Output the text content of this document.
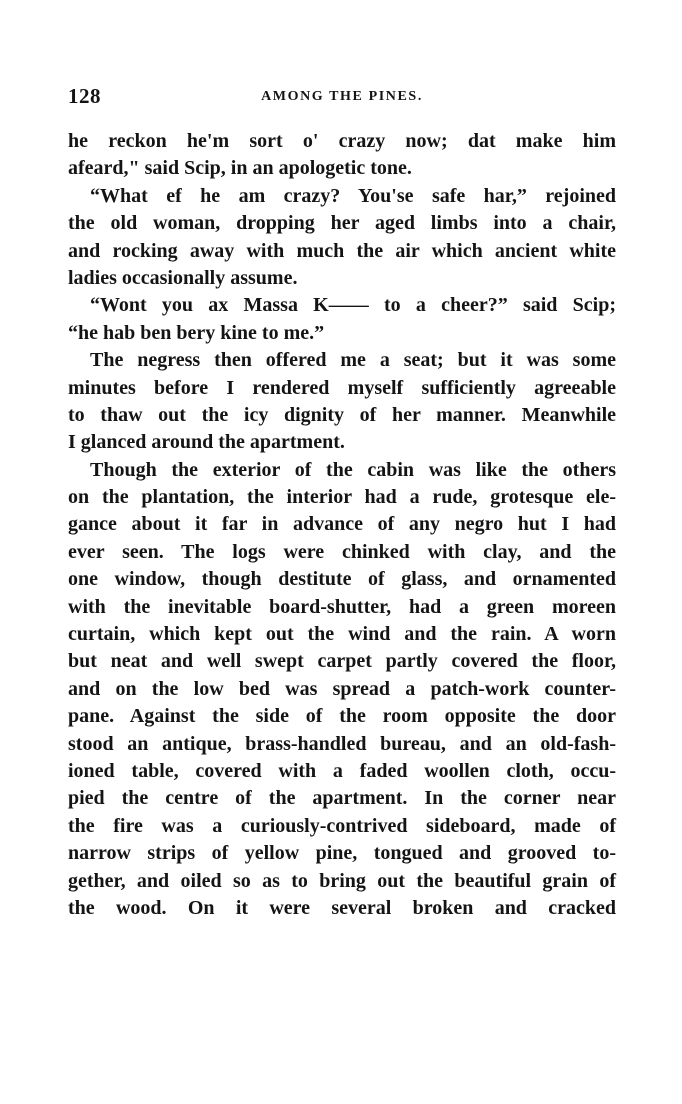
128	AMONG THE PINES.
he reckon he'm sort o' crazy now; dat make him
afeard," said Scip, in an apologetic tone.
“What ef he am crazy? You'se safe har,” rejoined
the old woman, dropping her aged limbs into a chair,
and rocking away with much the air which ancient white
ladies occasionally assume.
“Wont you ax Massa K—— to a cheer?” said Scip;
“he hab ben bery kine to me.”
The negress then offered me a seat; but it was some
minutes before I rendered myself sufficiently agreeable
to thaw out the icy dignity of her manner. Meanwhile
I glanced around the apartment.
Though the exterior of the cabin was like the others
on the plantation, the interior had a rude, grotesque ele-
gance about it far in advance of any negro hut I had
ever seen. The logs were chinked with clay, and the
one window, though destitute of glass, and ornamented
with the inevitable board-shutter, had a green moreen
curtain, which kept out the wind and the rain. A worn
but neat and well swept carpet partly covered the floor,
and on the low bed was spread a patch-work counter-
pane. Against the side of the room opposite the door
stood an antique, brass-handled bureau, and an old-fash-
ioned table, covered with a faded woollen cloth, occu-
pied the centre of the apartment. In the corner near
the fire was a curiously-contrived sideboard, made of
narrow strips of yellow pine, tongued and grooved to-
gether, and oiled so as to bring out the beautiful grain of
the wood. On it were several broken and cracked
